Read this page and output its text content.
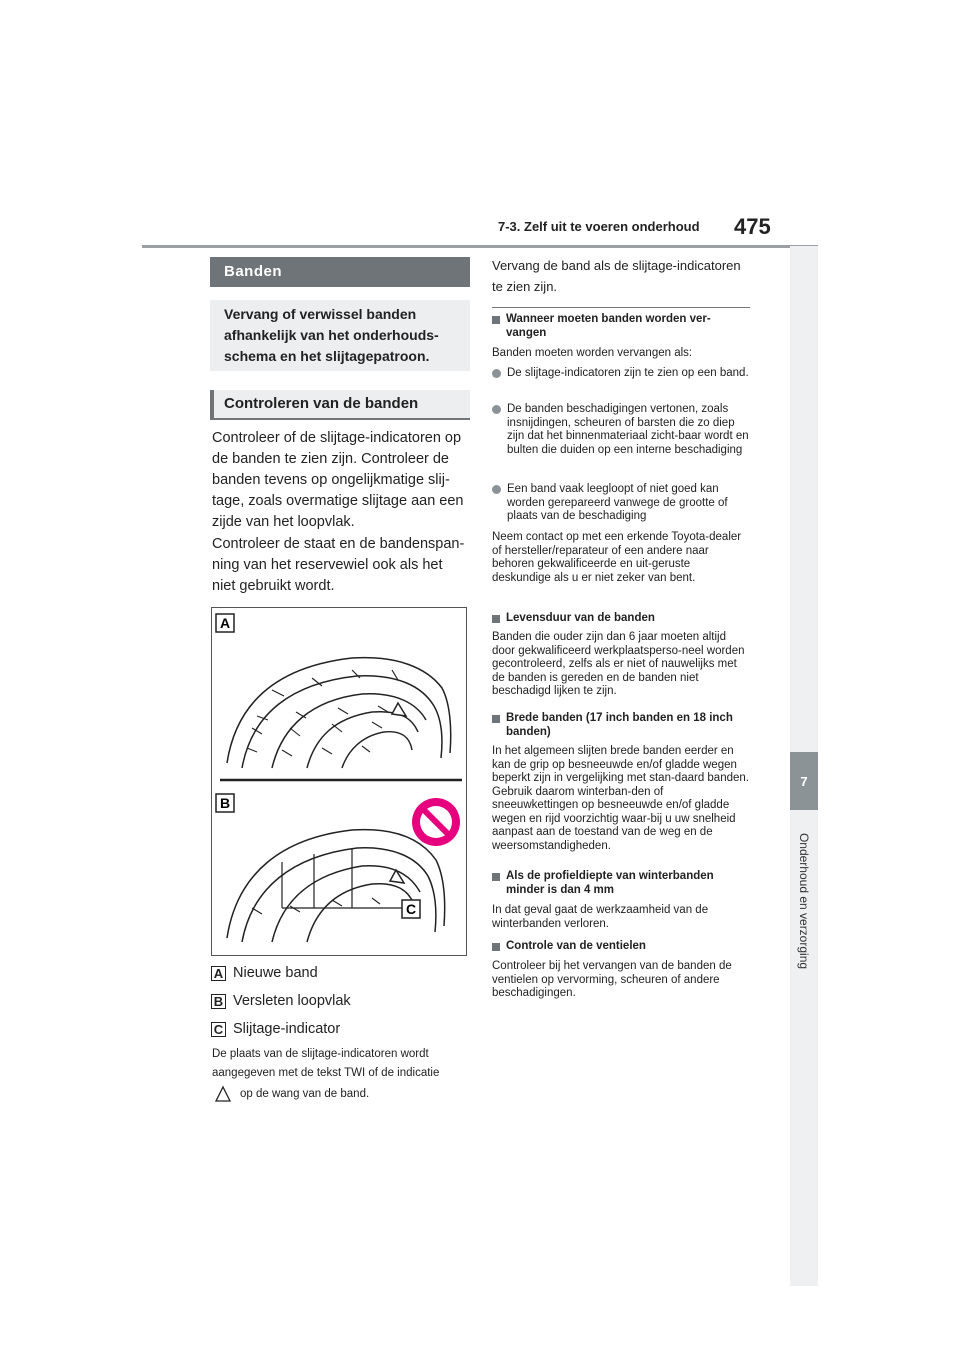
7-3. Zelf uit te voeren onderhoud 475
7
Onderhoud en verzorging
Banden
Vervang of verwissel banden afhankelijk van het onderhouds-schema en het slijtagepatroon.
Controleren van de banden

Controleer of de slijtage-indicatoren op de banden te zien zijn. Controleer de banden tevens op ongelijkmatige slij-tage, zoals overmatige slijtage aan een zijde van het loopvlak.

Controleer de staat en de bandenspan-ning van het reservewiel ook als het niet gebruikt wordt.

A
B
C
A Nieuwe band
B Versleten loopvlak
C Slijtage-indicator
De plaats van de slijtage-indicatoren wordt aangegeven met de tekst TWI of de indicatie
op de wang van de band.
Vervang de band als de slijtage-indicatoren te zien zijn.
Wanneer moeten banden worden ver-vangen
Banden moeten worden vervangen als:
De slijtage-indicatoren zijn te zien op een band.
De banden beschadigingen vertonen, zoals insnijdingen, scheuren of barsten die zo diep zijn dat het binnenmateriaal zicht-baar wordt en bulten die duiden op een interne beschadiging
Een band vaak leegloopt of niet goed kan worden gerepareerd vanwege de grootte of plaats van de beschadiging
Neem contact op met een erkende Toyota-dealer of hersteller/reparateur of een andere naar behoren gekwalificeerde en uit-geruste deskundige als u er niet zeker van bent.
Levensduur van de banden
Banden die ouder zijn dan 6 jaar moeten altijd door gekwalificeerd werkplaatsperso-neel worden gecontroleerd, zelfs als er niet of nauwelijks met de banden is gereden en de banden niet beschadigd lijken te zijn.
Brede banden (17 inch banden en 18 inch banden)
In het algemeen slijten brede banden eerder en kan de grip op besneeuwde en/of gladde wegen beperkt zijn in vergelijking met stan-daard banden. Gebruik daarom winterban-den of sneeuwkettingen op besneeuwde en/of gladde wegen en rijd voorzichtig waar-bij u uw snelheid aanpast aan de toestand van de weg en de weersomstandigheden.
Als de profieldiepte van winterbanden minder is dan 4 mm
In dat geval gaat de werkzaamheid van de winterbanden verloren.
Controle van de ventielen
Controleer bij het vervangen van de banden de ventielen op vervorming, scheuren of andere beschadigingen.
